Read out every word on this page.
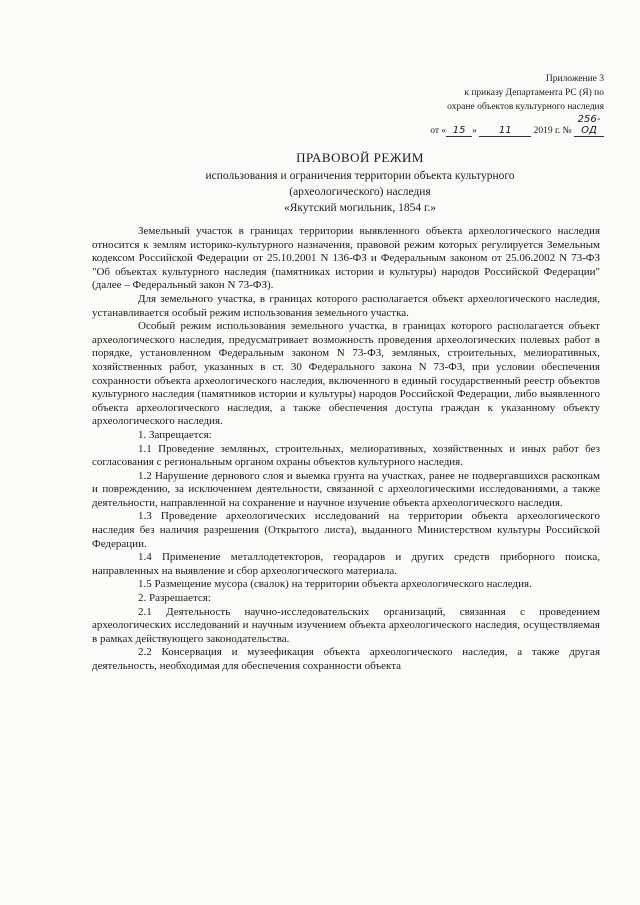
Приложение 3
к приказу Департамента РС (Я) по
охране объектов культурного наследия
от « 15 » 11 2019 г. № 256-ОД
ПРАВОВОЙ РЕЖИМ
использования и ограничения территории объекта культурного
(археологического) наследия
«Якутский могильник, 1854 г.»

Земельный участок в границах территории выявленного объекта археологического наследия относится к землям историко-культурного назначения, правовой режим которых регулируется Земельным кодексом Российской Федерации от 25.10.2001 N 136-ФЗ и Федеральным законом от 25.06.2002 N 73-ФЗ "Об объектах культурного наследия (памятниках истории и культуры) народов Российской Федерации" (далее – Федеральный закон N 73-ФЗ).

Для земельного участка, в границах которого располагается объект археологического наследия, устанавливается особый режим использования земельного участка.

Особый режим использования земельного участка, в границах которого располагается объект археологического наследия, предусматривает возможность проведения археологических полевых работ в порядке, установленном Федеральным законом N 73-ФЗ, земляных, строительных, мелиоративных, хозяйственных работ, указанных в ст. 30 Федерального закона N 73-ФЗ, при условии обеспечения сохранности объекта археологического наследия, включенного в единый государственный реестр объектов культурного наследия (памятников истории и культуры) народов Российской Федерации, либо выявленного объекта археологического наследия, а также обеспечения доступа граждан к указанному объекту археологического наследия.

1. Запрещается:

1.1 Проведение земляных, строительных, мелиоративных, хозяйственных и иных работ без согласования с региональным органом охраны объектов культурного наследия.

1.2 Нарушение дернового слоя и выемка грунта на участках, ранее не подвергавшихся раскопкам и повреждению, за исключением деятельности, связанной с археологическими исследованиями, а также деятельности, направленной на сохранение и научное изучение объекта археологического наследия.

1.3 Проведение археологических исследований на территории объекта археологического наследия без наличия разрешения (Открытого листа), выданного Министерством культуры Российской Федерации.

1.4 Применение металлодетекторов, георадаров и других средств приборного поиска, направленных на выявление и сбор археологического материала.

1.5 Размещение мусора (свалок) на территории объекта археологического наследия.

2. Разрешается:

2.1 Деятельность научно-исследовательских организаций, связанная с проведением археологических исследований и научным изучением объекта археологического наследия, осуществляемая в рамках действующего законодательства.

2.2 Консервация и музеефикация объекта археологического наследия, а также другая деятельность, необходимая для обеспечения сохранности объекта
